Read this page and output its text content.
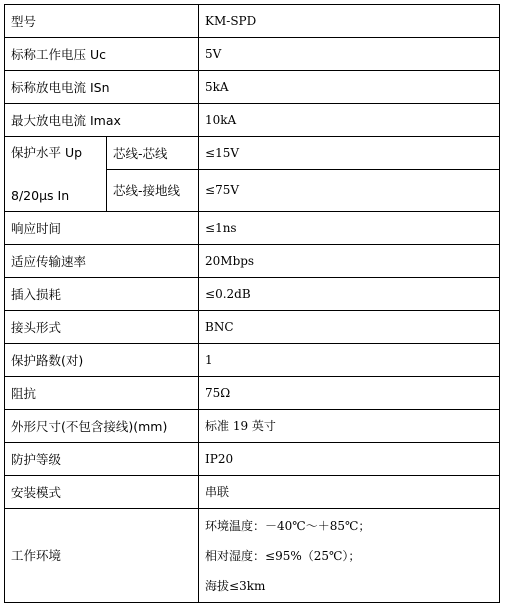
型号		KM-SPD
标称工作电压 Uc		5V
标称放电电流 ISn		5kA
最大放电电流 Imax		10kA

保护水平 Up
8/20μs In	芯线-芯线	≤15V
	芯线-接地线	≤75V
响应时间		≤1ns
适应传输速率		20Mbps
插入损耗		≤0.2dB
接头形式		BNC
保护路数(对)		1
阻抗		75Ω
外形尺寸(不包含接线)(mm)		标准 19 英寸
防护等级		IP20
安装模式		串联
工作环境		环境温度：－40℃～＋85℃；
相对湿度：≤95%（25℃）；
海拔≤3km
